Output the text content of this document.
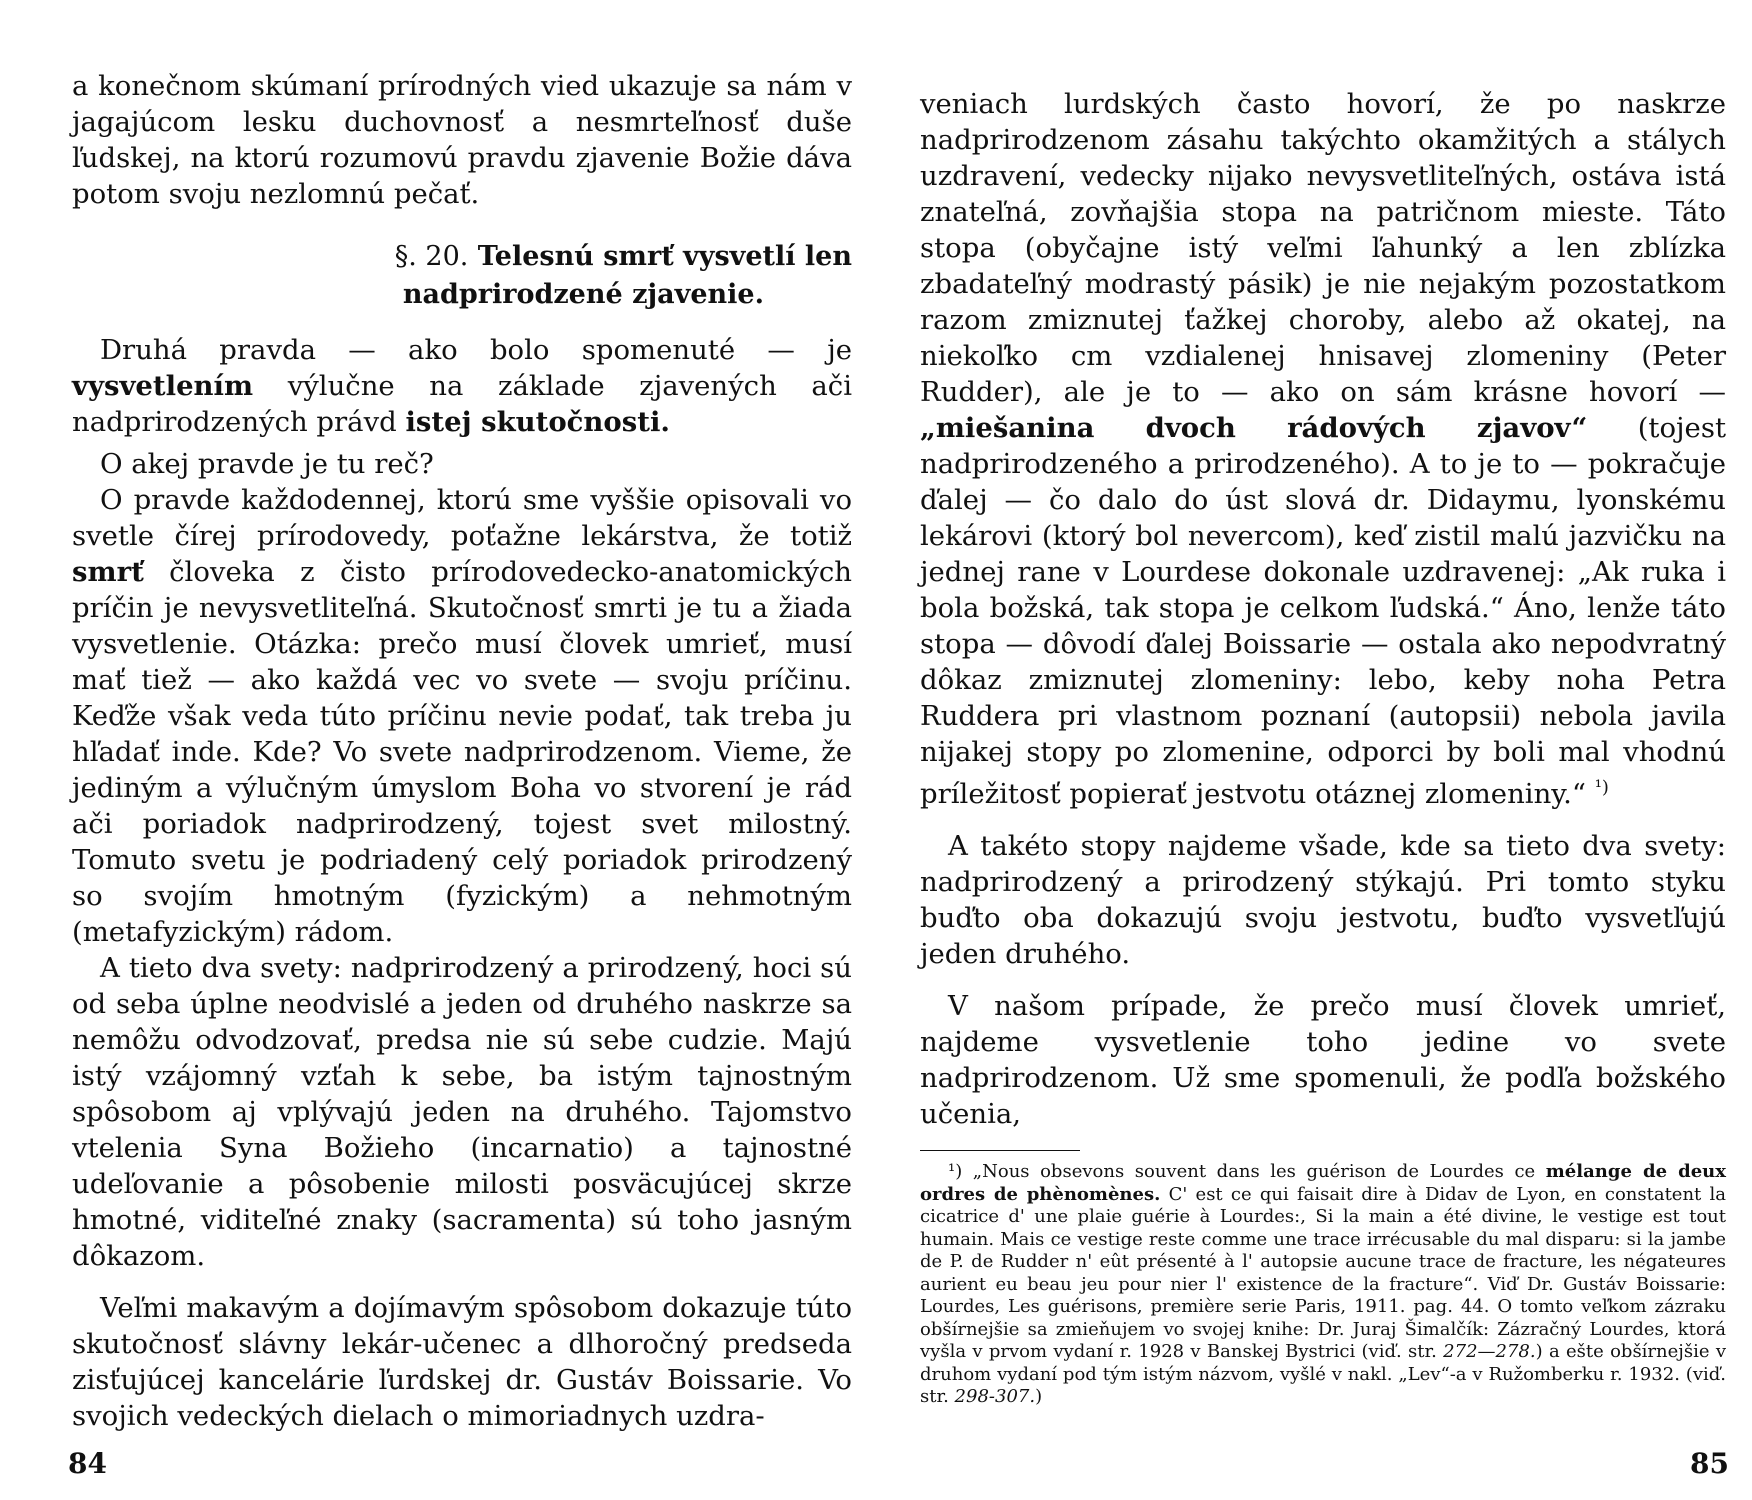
a konečnom skúmaní prírodných vied ukazuje sa nám v jagajúcom lesku duchovnosť a nesmrteľnosť duše ľudskej, na ktorú rozumovú pravdu zjavenie Božie dáva potom svoju nezlomnú pečať.

§. 20. Telesnú smrť vysvetlí len
nadprirodzené zjavenie.

Druhá pravda — ako bolo spomenuté — je vysvetlením výlučne na základe zjavených ači nadprirodzených právd istej skutočnosti.

O akej pravde je tu reč?

O pravde každodennej, ktorú sme vyššie opisovali vo svetle čírej prírodovedy, poťažne lekárstva, že totiž smrť človeka z čisto prírodovedecko-anatomických príčin je nevysvetliteľná. Skutočnosť smrti je tu a žiada vysvetlenie. Otázka: prečo musí človek umrieť, musí mať tiež — ako každá vec vo svete — svoju príčinu. Keďže však veda túto príčinu nevie podať, tak treba ju hľadať inde. Kde? Vo svete nadprirodzenom. Vieme, že jediným a výlučným úmyslom Boha vo stvorení je rád ači poriadok nadprirodzený, tojest svet milostný. Tomuto svetu je podriadený celý poriadok prirodzený so svojím hmotným (fyzickým) a nehmotným (metafyzickým) rádom.

A tieto dva svety: nadprirodzený a prirodzený, hoci sú od seba úplne neodvislé a jeden od druhého naskrze sa nemôžu odvodzovať, predsa nie sú sebe cudzie. Majú istý vzájomný vzťah k sebe, ba istým tajnostným spôsobom aj vplývajú jeden na druhého. Tajomstvo vtelenia Syna Božieho (incarnatio) a tajnostné udeľovanie a pôsobenie milosti posväcujúcej skrze hmotné, viditeľné znaky (sacramenta) sú toho jasným dôkazom.

Veľmi makavým a dojímavým spôsobom dokazuje túto skutočnosť slávny lekár-učenec a dlhoročný predseda zisťujúcej kancelárie ľurdskej dr. Gustáv Boissarie. Vo svojich vedeckých dielach o mimoriadnych uzdra-

veniach lurdských často hovorí, že po naskrze nadprirodzenom zásahu takýchto okamžitých a stálych uzdravení, vedecky nijako nevysvetliteľných, ostáva istá znateľná, zovňajšia stopa na patričnom mieste. Táto stopa (obyčajne istý veľmi ľahunký a len zblízka zbadateľný modrastý pásik) je nie nejakým pozostatkom razom zmiznutej ťažkej choroby, alebo až okatej, na niekoľko cm vzdialenej hnisavej zlomeniny (Peter Rudder), ale je to — ako on sám krásne hovorí — „miešanina dvoch rádových zjavov“ (tojest nadprirodzeného a prirodzeného). A to je to — pokračuje ďalej — čo dalo do úst slová dr. Didaymu, lyonskému lekárovi (ktorý bol nevercom), keď zistil malú jazvičku na jednej rane v Lourdese dokonale uzdravenej: „Ak ruka i bola božská, tak stopa je celkom ľudská.“ Áno, lenže táto stopa — dôvodí ďalej Boissarie — ostala ako nepodvratný dôkaz zmiznutej zlomeniny: lebo, keby noha Petra Ruddera pri vlastnom poznaní (autopsii) nebola javila nijakej stopy po zlomenine, odporci by boli mal vhodnú príležitosť popierať jestvotu otáznej zlomeniny.“ $^{^1)}$

A takéto stopy najdeme všade, kde sa tieto dva svety: nadprirodzený a prirodzený stýkajú. Pri tomto styku buďto oba dokazujú svoju jestvotu, buďto vysvetľujú jeden druhého.

V našom prípade, že prečo musí človek umrieť, najdeme vysvetlenie toho jedine vo svete nadprirodzenom. Už sme spomenuli, že podľa božského učenia,

¹) „Nous obsevons souvent dans les guérison de Lourdes ce mélange de deux ordres de phènomènes. C' est ce qui faisait dire à Didav de Lyon, en constatent la cicatrice d' une plaie guérie à Lourdes:, Si la main a été divine, le vestige est tout humain. Mais ce vestige reste comme une trace irrécusable du mal disparu: si la jambe de P. de Rudder n' eût présenté à l' autopsie aucune trace de fracture, les négateures aurient eu beau jeu pour nier l' existence de la fracture“. Viď Dr. Gustáv Boissarie: Lourdes, Les guérisons, première serie Paris, 1911. pag. 44. O tomto veľkom zázraku obšírnejšie sa zmieňujem vo svojej knihe: Dr. Juraj Šimalčík: Zázračný Lourdes, ktorá vyšla v prvom vydaní r. 1928 v Banskej Bystrici (viď. str. 272—278.) a ešte obšírnejšie v druhom vydaní pod tým istým názvom, vyšlé v nakl. „Lev“-a v Ružomberku r. 1932. (viď. str. 298-307.)

84	85
